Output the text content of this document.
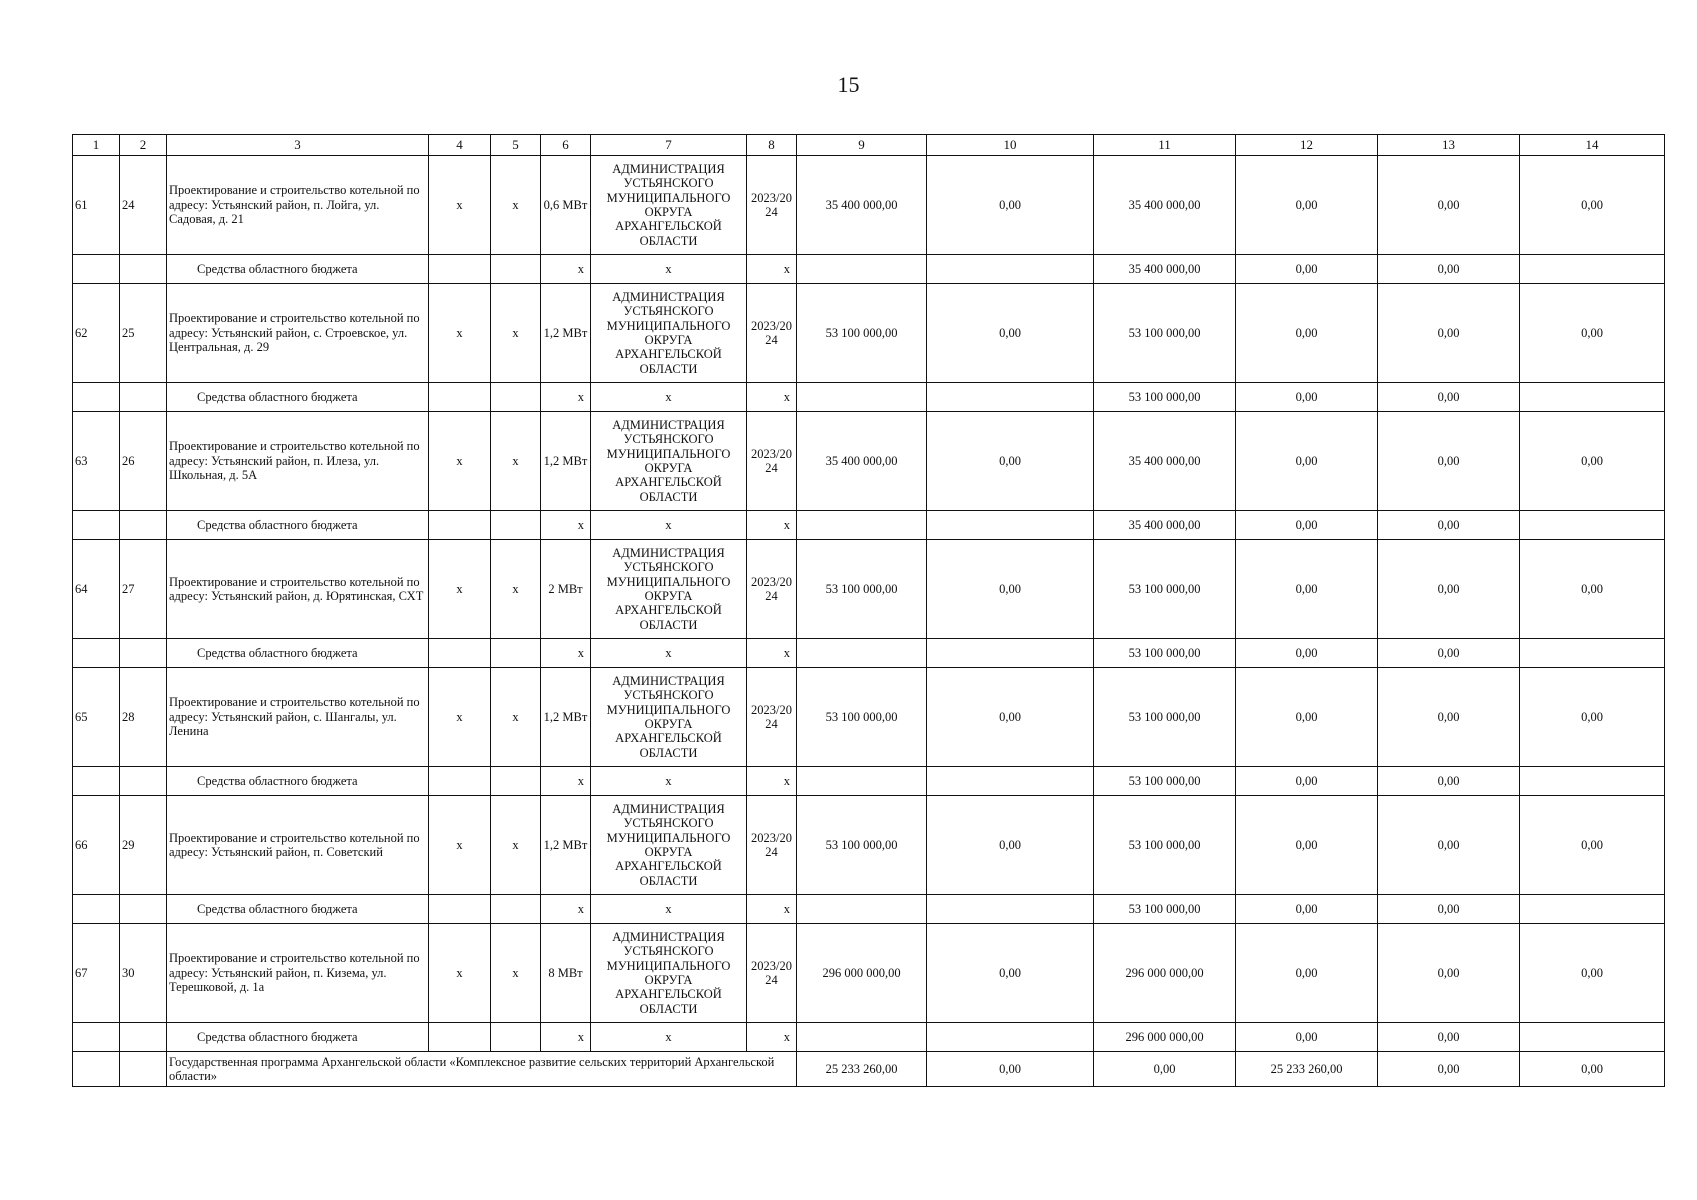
15
1	2	3	4	5	6	7	8	9	10	11	12	13	14
61	24	Проектирование и строительство котельной по адресу: Устьянский район, п. Лойга, ул. Садовая, д. 21	х	х	0,6 МВт	АДМИНИСТРАЦИЯ УСТЬЯНСКОГО МУНИЦИПАЛЬНОГО ОКРУГА АРХАНГЕЛЬСКОЙ ОБЛАСТИ	2023/2024	35 400 000,00	0,00	35 400 000,00	0,00	0,00	0,00
		Средства областного бюджета			х	х	х			35 400 000,00	0,00	0,00	
62	25	Проектирование и строительство котельной по адресу: Устьянский район, с. Строевское, ул. Центральная, д. 29	х	х	1,2 МВт	АДМИНИСТРАЦИЯ УСТЬЯНСКОГО МУНИЦИПАЛЬНОГО ОКРУГА АРХАНГЕЛЬСКОЙ ОБЛАСТИ	2023/2024	53 100 000,00	0,00	53 100 000,00	0,00	0,00	0,00
		Средства областного бюджета			х	х	х			53 100 000,00	0,00	0,00	
63	26	Проектирование и строительство котельной по адресу: Устьянский район, п. Илеза, ул. Школьная, д. 5А	х	х	1,2 МВт	АДМИНИСТРАЦИЯ УСТЬЯНСКОГО МУНИЦИПАЛЬНОГО ОКРУГА АРХАНГЕЛЬСКОЙ ОБЛАСТИ	2023/2024	35 400 000,00	0,00	35 400 000,00	0,00	0,00	0,00
		Средства областного бюджета			х	х	х			35 400 000,00	0,00	0,00	
64	27	Проектирование и строительство котельной по адресу: Устьянский район, д. Юрятинская, СХТ	х	х	2 МВт	АДМИНИСТРАЦИЯ УСТЬЯНСКОГО МУНИЦИПАЛЬНОГО ОКРУГА АРХАНГЕЛЬСКОЙ ОБЛАСТИ	2023/2024	53 100 000,00	0,00	53 100 000,00	0,00	0,00	0,00
		Средства областного бюджета			х	х	х			53 100 000,00	0,00	0,00	
65	28	Проектирование и строительство котельной по адресу: Устьянский район, с. Шангалы, ул. Ленина	х	х	1,2 МВт	АДМИНИСТРАЦИЯ УСТЬЯНСКОГО МУНИЦИПАЛЬНОГО ОКРУГА АРХАНГЕЛЬСКОЙ ОБЛАСТИ	2023/2024	53 100 000,00	0,00	53 100 000,00	0,00	0,00	0,00
		Средства областного бюджета			х	х	х			53 100 000,00	0,00	0,00	
66	29	Проектирование и строительство котельной по адресу: Устьянский район, п. Советский	х	х	1,2 МВт	АДМИНИСТРАЦИЯ УСТЬЯНСКОГО МУНИЦИПАЛЬНОГО ОКРУГА АРХАНГЕЛЬСКОЙ ОБЛАСТИ	2023/2024	53 100 000,00	0,00	53 100 000,00	0,00	0,00	0,00
		Средства областного бюджета			х	х	х			53 100 000,00	0,00	0,00	
67	30	Проектирование и строительство котельной по адресу: Устьянский район, п. Кизема, ул. Терешковой, д. 1а	х	х	8 МВт	АДМИНИСТРАЦИЯ УСТЬЯНСКОГО МУНИЦИПАЛЬНОГО ОКРУГА АРХАНГЕЛЬСКОЙ ОБЛАСТИ	2023/2024	296 000 000,00	0,00	296 000 000,00	0,00	0,00	0,00
		Средства областного бюджета			х	х	х			296 000 000,00	0,00	0,00	
		Государственная программа Архангельской области «Комплексное развитие сельских территорий Архангельской области»						25 233 260,00	0,00	0,00	25 233 260,00	0,00	0,00
